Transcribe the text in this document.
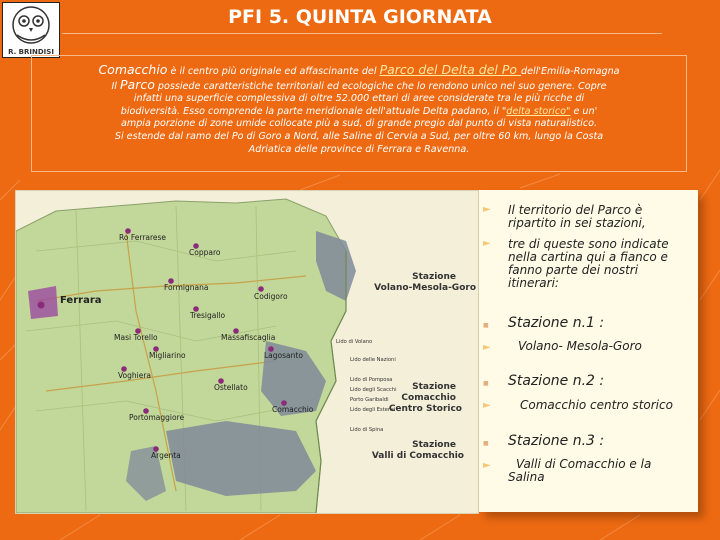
R. BRINDISI
PFI 5. QUINTA GIORNATA
Comacchio è il centro più originale ed affascinante del Parco del Delta del Po dell'Emilia-Romagna
Il Parco possiede caratteristiche territoriali ed ecologiche che lo rendono unico nel suo genere. Copre
infatti una superficie complessiva di oltre 52.000 ettari di aree considerate tra le più ricche di
biodiversità. Esso comprende la parte meridionale dell'attuale Delta padano, il "delta storico" e un'
ampia porzione di zone umide collocate più a sud, di grande pregio dal punto di vista naturalistico.
Si estende dal ramo del Po di Goro a Nord, alle Saline di Cervia a Sud, per oltre 60 km, lungo la Costa
Adriatica delle province di Ferrara e Ravenna.
Ro Ferrarese
Copparo
Ferrara
Formignana
Codigoro
Tresigallo
Masi Torello
Migliarino
Massafiscaglia
Lagosanto
Voghiera
Ostellato
Portomaggiore
Comacchio
Argenta
Lido di Volano
Lido delle Nazioni
Lido di Pomposa
Lido degli Scacchi
Porto Garibaldi
Lido degli Estensi
Lido di Spina
Stazione
Volano-Mesola-Goro
Stazione
Comacchio
Centro Storico
Stazione
Valli di Comacchio
► Il territorio del Parco è
ripartito in sei stazioni,
► tre di queste sono indicate
nella cartina qui a fianco e
fanno parte dei nostri
itinerari:
■ Stazione n.1 :
► Volano- Mesola-Goro
■ Stazione n.2 :
► Comacchio centro storico
■ Stazione n.3 :
►	Valli di Comacchio e la
Salina
